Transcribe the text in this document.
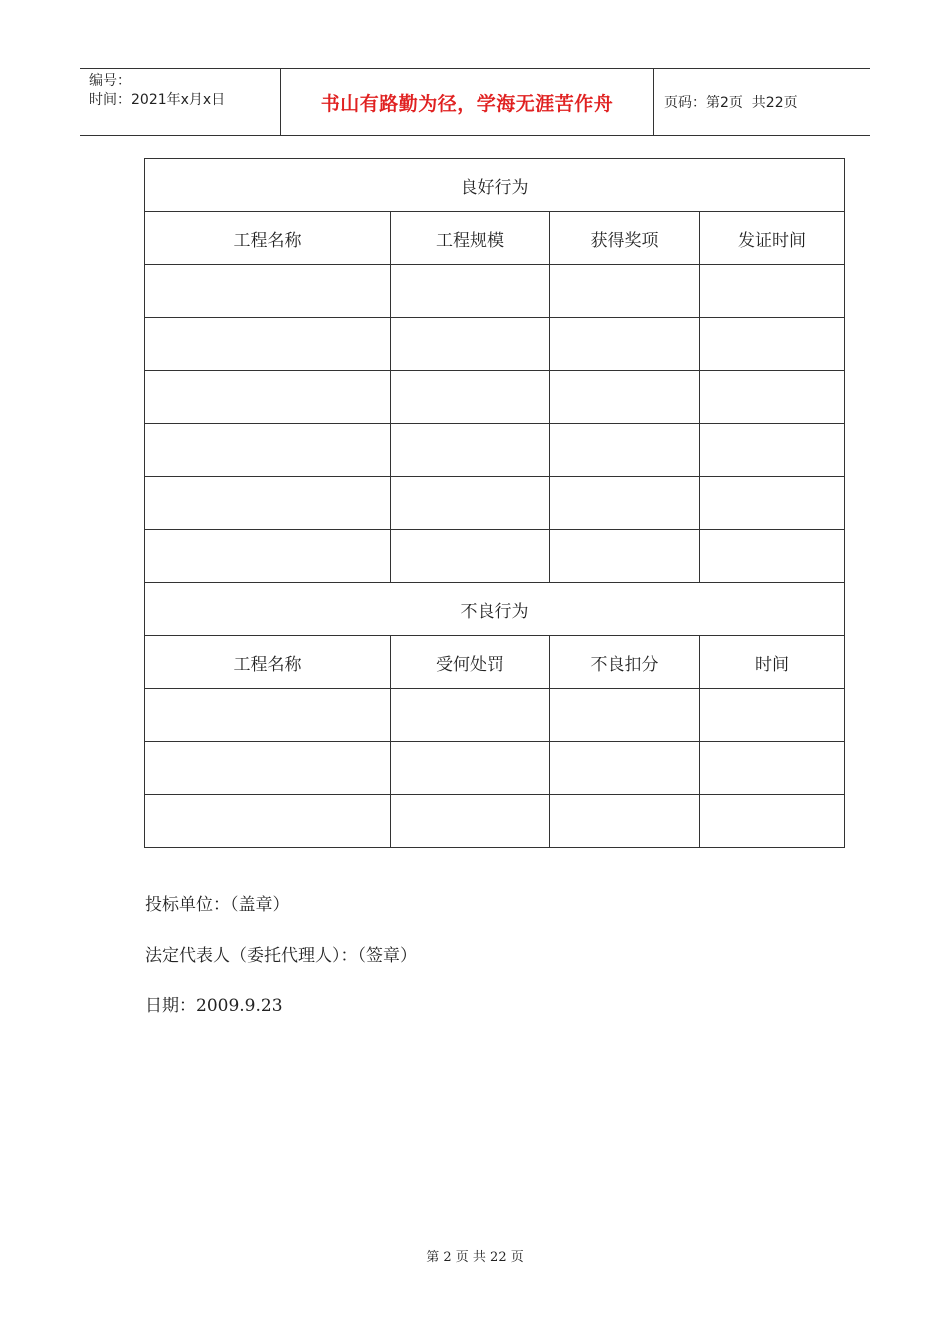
编号：
时间：2021年x月x日	书山有路勤为径，学海无涯苦作舟	页码：第2页  共22页
良好行为			
工程名称	工程规模	获得奖项	发证时间

不良行为			
工程名称	受何处罚	不良扣分	时间

投标单位：（盖章）
法定代表人（委托代理人）：（签章）
日期：2009.9.23
第 2 页 共 22 页
